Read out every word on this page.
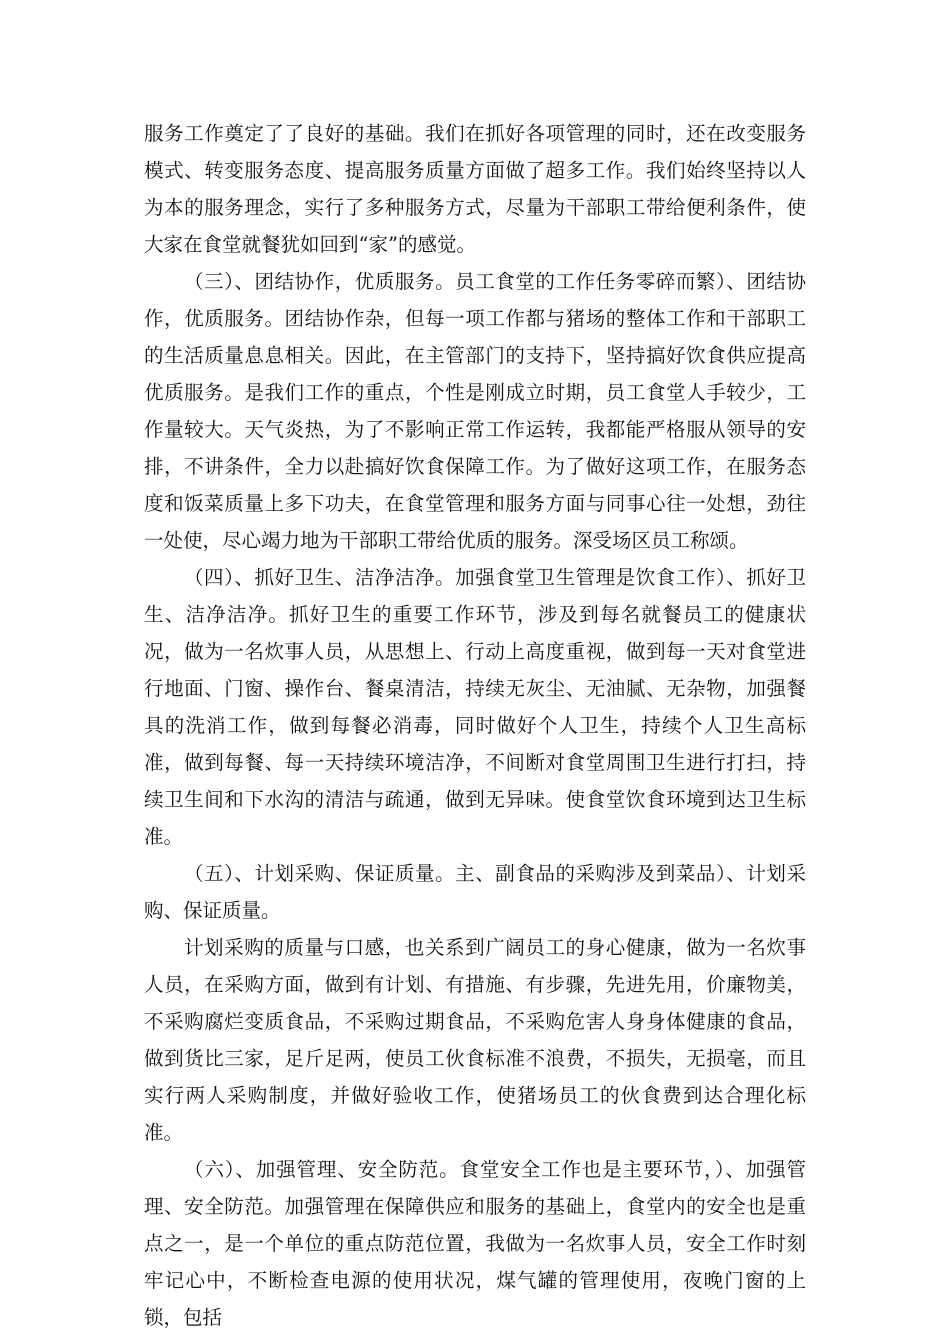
服务工作奠定了了良好的基础。我们在抓好各项管理的同时，还在改变服务模式、转变服务态度、提高服务质量方面做了超多工作。我们始终坚持以人为本的服务理念，实行了多种服务方式，尽量为干部职工带给便利条件，使大家在食堂就餐犹如回到“家”的感觉。

（三）、团结协作，优质服务。员工食堂的工作任务零碎而繁）、团结协作，优质服务。团结协作杂，但每一项工作都与猪场的整体工作和干部职工的生活质量息息相关。因此，在主管部门的支持下，坚持搞好饮食供应提高优质服务。是我们工作的重点，个性是刚成立时期，员工食堂人手较少，工作量较大。天气炎热，为了不影响正常工作运转，我都能严格服从领导的安排，不讲条件，全力以赴搞好饮食保障工作。为了做好这项工作，在服务态度和饭菜质量上多下功夫，在食堂管理和服务方面与同事心往一处想，劲往一处使，尽心竭力地为干部职工带给优质的服务。深受场区员工称颂。

（四）、抓好卫生、洁净洁净。加强食堂卫生管理是饮食工作）、抓好卫生、洁净洁净。抓好卫生的重要工作环节，涉及到每名就餐员工的健康状况，做为一名炊事人员，从思想上、行动上高度重视，做到每一天对食堂进行地面、门窗、操作台、餐桌清洁，持续无灰尘、无油腻、无杂物，加强餐具的洗消工作，做到每餐必消毒，同时做好个人卫生，持续个人卫生高标准，做到每餐、每一天持续环境洁净，不间断对食堂周围卫生进行打扫，持续卫生间和下水沟的清洁与疏通，做到无异味。使食堂饮食环境到达卫生标准。

（五）、计划采购、保证质量。主、副食品的采购涉及到菜品）、计划采购、保证质量。

计划采购的质量与口感，也关系到广阔员工的身心健康，做为一名炊事人员，在采购方面，做到有计划、有措施、有步骤，先进先用，价廉物美，不采购腐烂变质食品，不采购过期食品，不采购危害人身身体健康的食品，做到货比三家，足斤足两，使员工伙食标准不浪费，不损失，无损毫，而且实行两人采购制度，并做好验收工作，使猪场员工的伙食费到达合理化标准。

（六）、加强管理、安全防范。食堂安全工作也是主要环节，）、加强管理、安全防范。加强管理在保障供应和服务的基础上，食堂内的安全也是重点之一，是一个单位的重点防范位置，我做为一名炊事人员，安全工作时刻牢记心中，不断检查电源的使用状况，煤气罐的管理使用，夜晚门窗的上锁，包括
